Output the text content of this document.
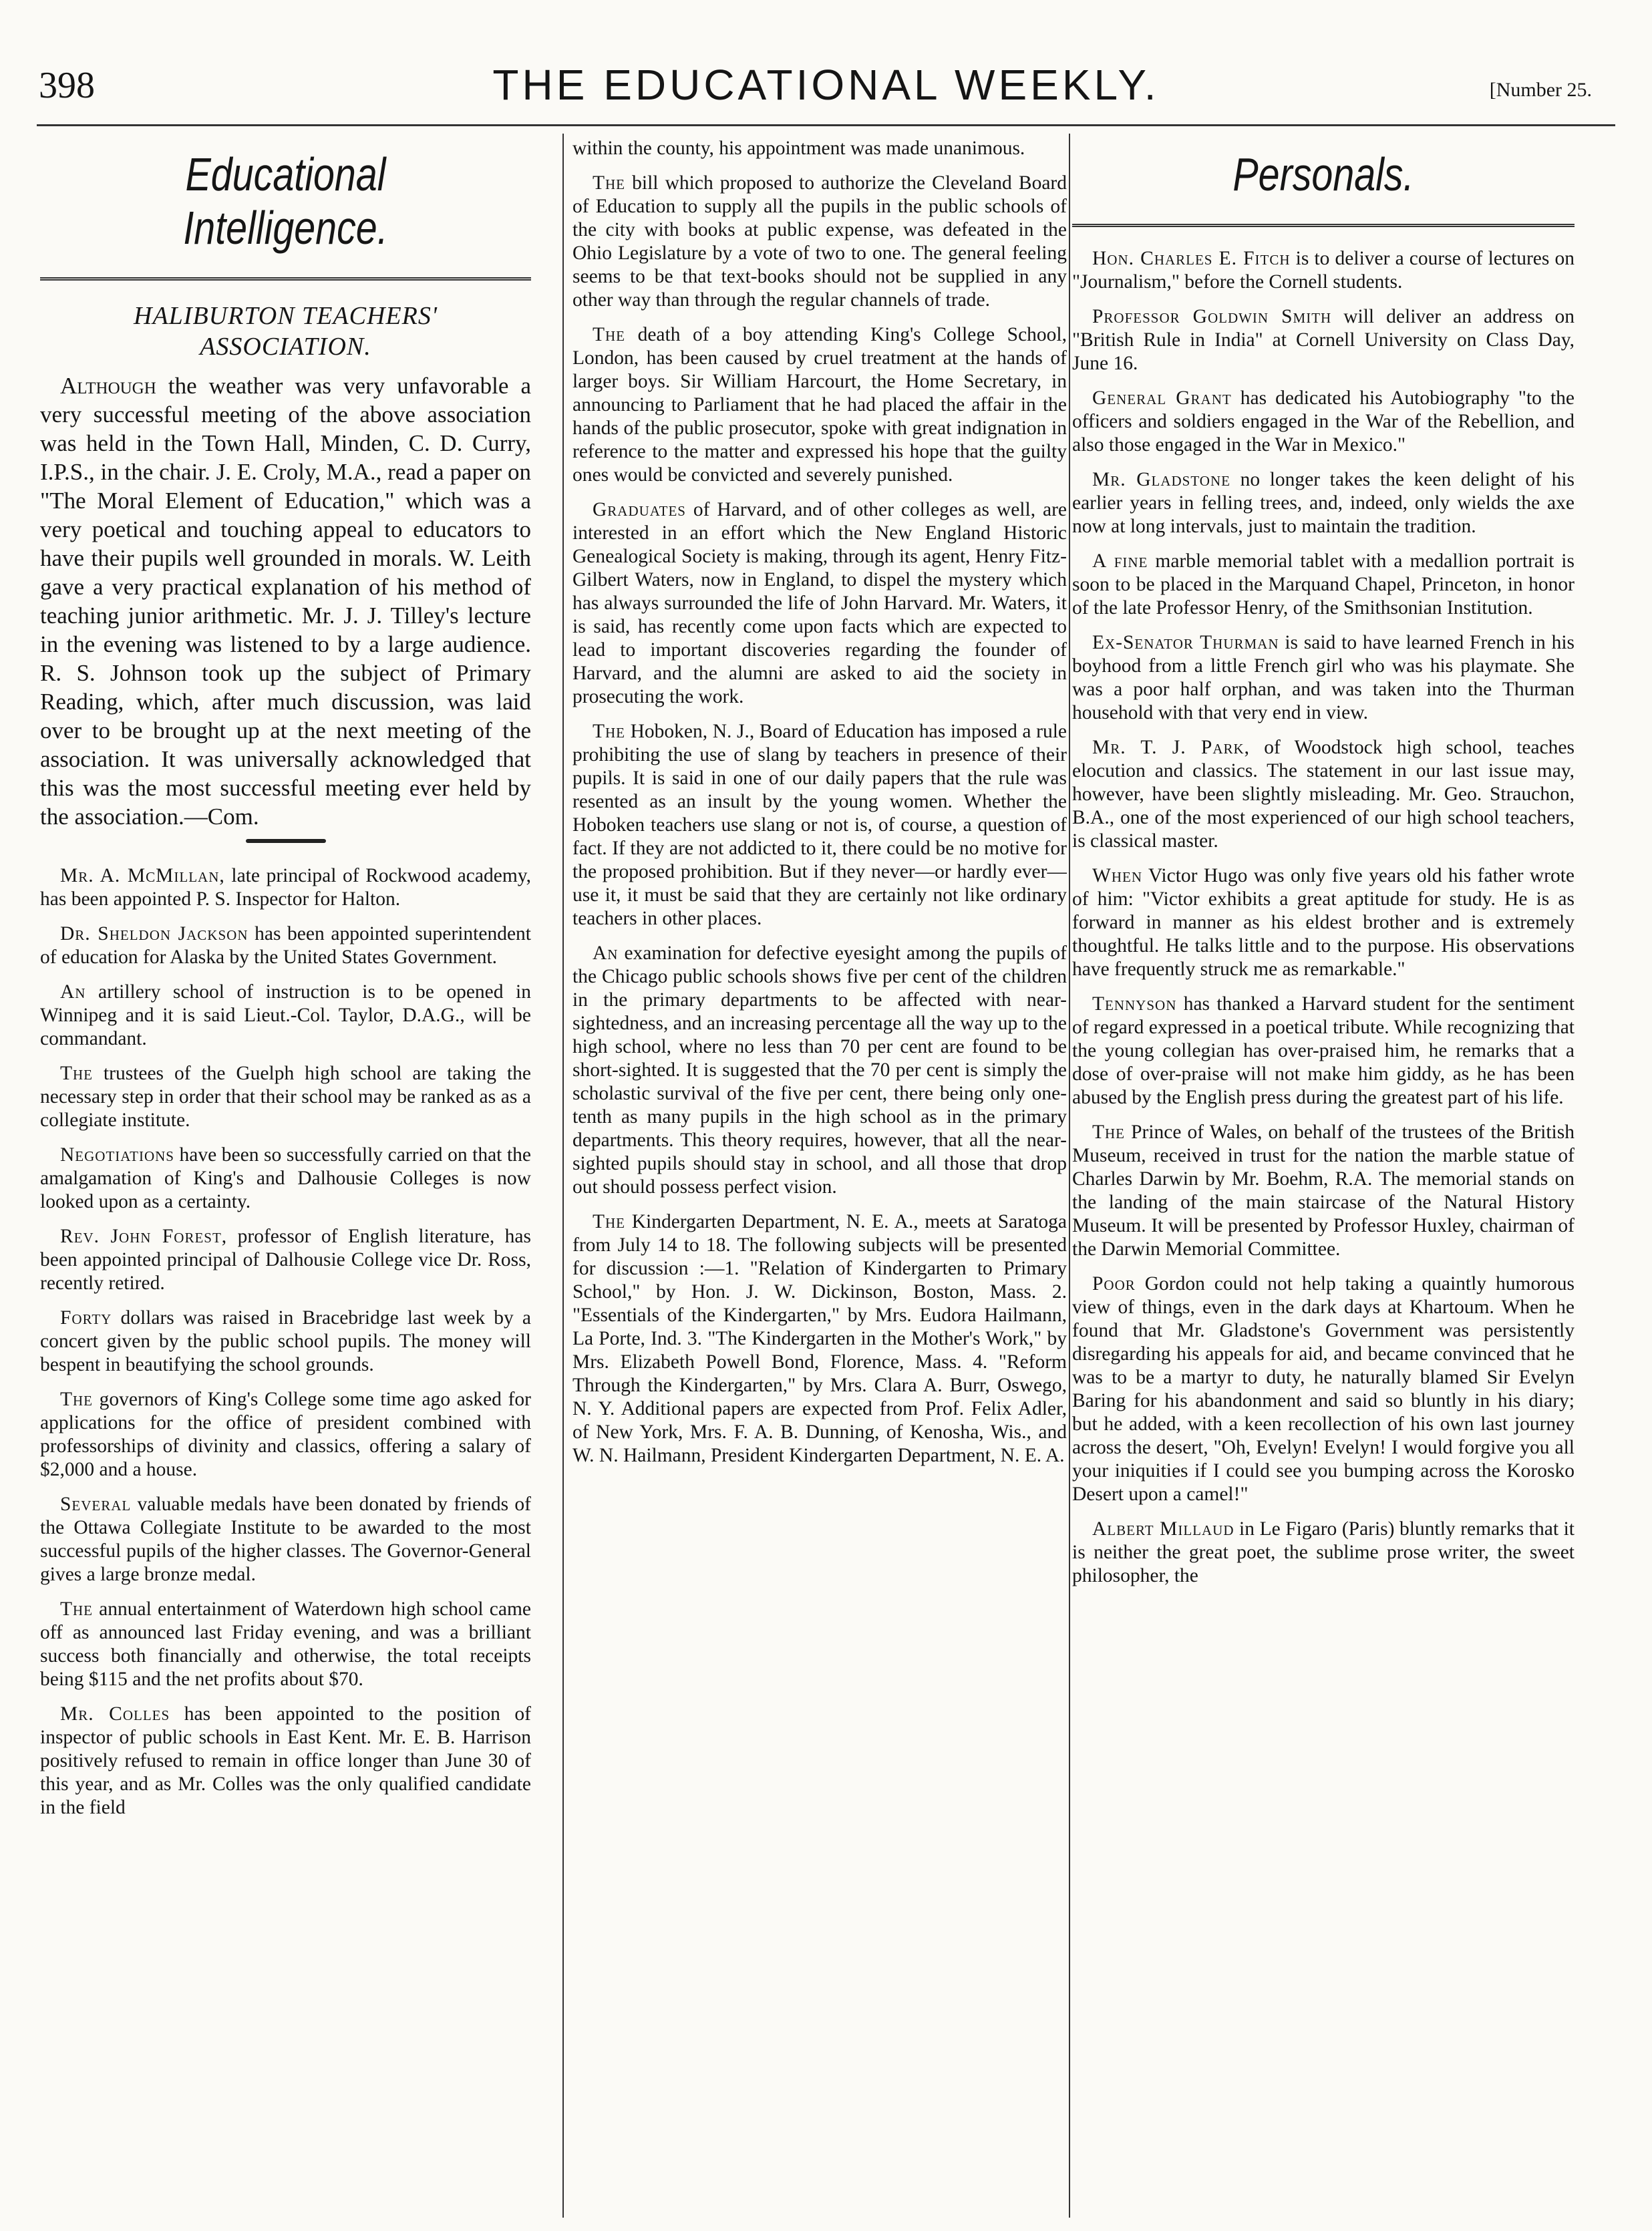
398	THE EDUCATIONAL WEEKLY.	[Number 25.
Educational Intelligence.
HALIBURTON TEACHERS' ASSOCIATION.

Although the weather was very unfavorable a very successful meeting of the above association was held in the Town Hall, Minden, C. D. Curry, I.P.S., in the chair. J. E. Croly, M.A., read a paper on "The Moral Element of Education," which was a very poetical and touching appeal to educators to have their pupils well grounded in morals. W. Leith gave a very practical explanation of his method of teaching junior arithmetic. Mr. J. J. Tilley's lecture in the evening was listened to by a large audience. R. S. Johnson took up the subject of Primary Reading, which, after much discussion, was laid over to be brought up at the next meeting of the association. It was universally acknowledged that this was the most successful meeting ever held by the association.—Com.

Mr. A. McMillan, late principal of Rockwood academy, has been appointed P. S. Inspector for Halton.

Dr. Sheldon Jackson has been appointed superintendent of education for Alaska by the United States Government.

An artillery school of instruction is to be opened in Winnipeg and it is said Lieut.-Col. Taylor, D.A.G., will be commandant.

The trustees of the Guelph high school are taking the necessary step in order that their school may be ranked as as a collegiate institute.

Negotiations have been so successfully carried on that the amalgamation of King's and Dalhousie Colleges is now looked upon as a certainty.

Rev. John Forest, professor of English literature, has been appointed principal of Dalhousie College vice Dr. Ross, recently retired.

Forty dollars was raised in Bracebridge last week by a concert given by the public school pupils. The money will bespent in beautifying the school grounds.

The governors of King's College some time ago asked for applications for the office of president combined with professorships of divinity and classics, offering a salary of $2,000 and a house.

Several valuable medals have been donated by friends of the Ottawa Collegiate Institute to be awarded to the most successful pupils of the higher classes. The Governor-General gives a large bronze medal.

The annual entertainment of Waterdown high school came off as announced last Friday evening, and was a brilliant success both financially and otherwise, the total receipts being $115 and the net profits about $70.

Mr. Colles has been appointed to the position of inspector of public schools in East Kent. Mr. E. B. Harrison positively refused to remain in office longer than June 30 of this year, and as Mr. Colles was the only qualified candidate in the field

within the county, his appointment was made unanimous.

The bill which proposed to authorize the Cleveland Board of Education to supply all the pupils in the public schools of the city with books at public expense, was defeated in the Ohio Legislature by a vote of two to one. The general feeling seems to be that text-books should not be supplied in any other way than through the regular channels of trade.

The death of a boy attending King's College School, London, has been caused by cruel treatment at the hands of larger boys. Sir William Harcourt, the Home Secretary, in announcing to Parliament that he had placed the affair in the hands of the public prosecutor, spoke with great indignation in reference to the matter and expressed his hope that the guilty ones would be convicted and severely punished.

Graduates of Harvard, and of other colleges as well, are interested in an effort which the New England Historic Genealogical Society is making, through its agent, Henry Fitz-Gilbert Waters, now in England, to dispel the mystery which has always surrounded the life of John Harvard. Mr. Waters, it is said, has recently come upon facts which are expected to lead to important discoveries regarding the founder of Harvard, and the alumni are asked to aid the society in prosecuting the work.

The Hoboken, N. J., Board of Education has imposed a rule prohibiting the use of slang by teachers in presence of their pupils. It is said in one of our daily papers that the rule was resented as an insult by the young women. Whether the Hoboken teachers use slang or not is, of course, a question of fact. If they are not addicted to it, there could be no motive for the proposed prohibition. But if they never—or hardly ever—use it, it must be said that they are certainly not like ordinary teachers in other places.

An examination for defective eyesight among the pupils of the Chicago public schools shows five per cent of the children in the primary departments to be affected with near-sightedness, and an increasing percentage all the way up to the high school, where no less than 70 per cent are found to be short-sighted. It is suggested that the 70 per cent is simply the scholastic survival of the five per cent, there being only one-tenth as many pupils in the high school as in the primary departments. This theory requires, however, that all the near-sighted pupils should stay in school, and all those that drop out should possess perfect vision.

The Kindergarten Department, N. E. A., meets at Saratoga from July 14 to 18. The following subjects will be presented for discussion :—1. "Relation of Kindergarten to Primary School," by Hon. J. W. Dickinson, Boston, Mass. 2. "Essentials of the Kindergarten," by Mrs. Eudora Hailmann, La Porte, Ind. 3. "The Kindergarten in the Mother's Work," by Mrs. Elizabeth Powell Bond, Florence, Mass. 4. "Reform Through the Kindergarten," by Mrs. Clara A. Burr, Oswego, N. Y. Additional papers are expected from Prof. Felix Adler, of New York, Mrs. F. A. B. Dunning, of Kenosha, Wis., and W. N. Hailmann, President Kindergarten Department, N. E. A.

Personals.

Hon. Charles E. Fitch is to deliver a course of lectures on "Journalism," before the Cornell students.

Professor Goldwin Smith will deliver an address on "British Rule in India" at Cornell University on Class Day, June 16.

General Grant has dedicated his Autobiography "to the officers and soldiers engaged in the War of the Rebellion, and also those engaged in the War in Mexico."

Mr. Gladstone no longer takes the keen delight of his earlier years in felling trees, and, indeed, only wields the axe now at long intervals, just to maintain the tradition.

A fine marble memorial tablet with a medallion portrait is soon to be placed in the Marquand Chapel, Princeton, in honor of the late Professor Henry, of the Smithsonian Institution.

Ex-Senator Thurman is said to have learned French in his boyhood from a little French girl who was his playmate. She was a poor half orphan, and was taken into the Thurman household with that very end in view.

Mr. T. J. Park, of Woodstock high school, teaches elocution and classics. The statement in our last issue may, however, have been slightly misleading. Mr. Geo. Strauchon, B.A., one of the most experienced of our high school teachers, is classical master.

When Victor Hugo was only five years old his father wrote of him: "Victor exhibits a great aptitude for study. He is as forward in manner as his eldest brother and is extremely thoughtful. He talks little and to the purpose. His observations have frequently struck me as remarkable."

Tennyson has thanked a Harvard student for the sentiment of regard expressed in a poetical tribute. While recognizing that the young collegian has over-praised him, he remarks that a dose of over-praise will not make him giddy, as he has been abused by the English press during the greatest part of his life.

The Prince of Wales, on behalf of the trustees of the British Museum, received in trust for the nation the marble statue of Charles Darwin by Mr. Boehm, R.A. The memorial stands on the landing of the main staircase of the Natural History Museum. It will be presented by Professor Huxley, chairman of the Darwin Memorial Committee.

Poor Gordon could not help taking a quaintly humorous view of things, even in the dark days at Khartoum. When he found that Mr. Gladstone's Government was persistently disregarding his appeals for aid, and became convinced that he was to be a martyr to duty, he naturally blamed Sir Evelyn Baring for his abandonment and said so bluntly in his diary; but he added, with a keen recollection of his own last journey across the desert, "Oh, Evelyn! Evelyn! I would forgive you all your iniquities if I could see you bumping across the Korosko Desert upon a camel!"

Albert Millaud in Le Figaro (Paris) bluntly remarks that it is neither the great poet, the sublime prose writer, the sweet philosopher, the
